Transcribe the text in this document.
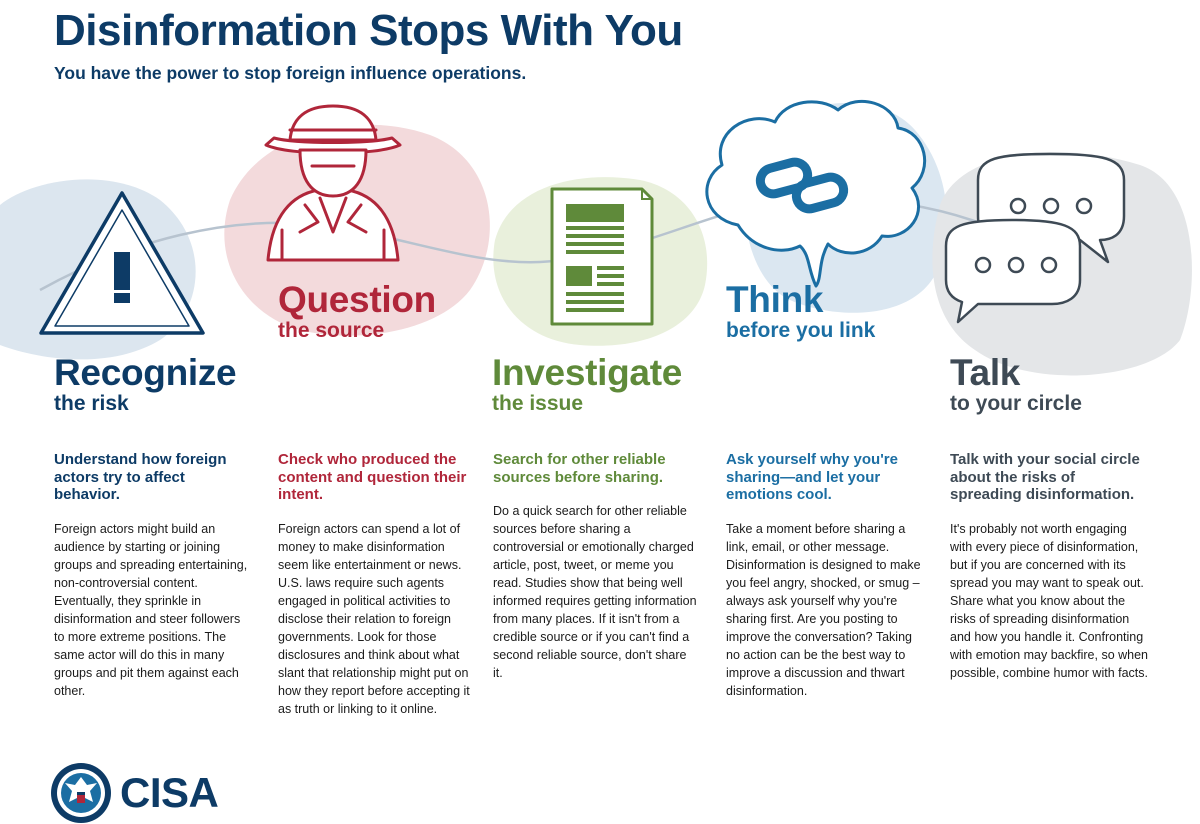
Disinformation Stops With You

You have the power to stop foreign influence operations.

Recognize
the risk
Question
the source
Investigate
the issue
Think
before you link
Talk
to your circle

Understand how foreign actors try to affect behavior.

Foreign actors might build an audience by starting or joining groups and spreading entertaining, non-controversial content. Eventually, they sprinkle in disinformation and steer followers to more extreme positions. The same actor will do this in many groups and pit them against each other.

Check who produced the content and question their intent.

Foreign actors can spend a lot of money to make disinformation seem like entertainment or news. U.S. laws require such agents engaged in political activities to disclose their relation to foreign governments. Look for those disclosures and think about what slant that relationship might put on how they report before accepting it as truth or linking to it online.

Search for other reliable sources before sharing.

Do a quick search for other reliable sources before sharing a controversial or emotionally charged article, post, tweet, or meme you read. Studies show that being well informed requires getting information from many places. If it isn't from a credible source or if you can't find a second reliable source, don't share it.

Ask yourself why you're sharing—and let your emotions cool.

Take a moment before sharing a link, email, or other message. Disinformation is designed to make you feel angry, shocked, or smug – always ask yourself why you're sharing first. Are you posting to improve the conversation? Taking no action can be the best way to improve a discussion and thwart disinformation.

Talk with your social circle about the risks of spreading disinformation.

It's probably not worth engaging with every piece of disinformation, but if you are concerned with its spread you may want to speak out. Share what you know about the risks of spreading disinformation and how you handle it. Confronting with emotion may backfire, so when possible, combine humor with facts.

CISA
